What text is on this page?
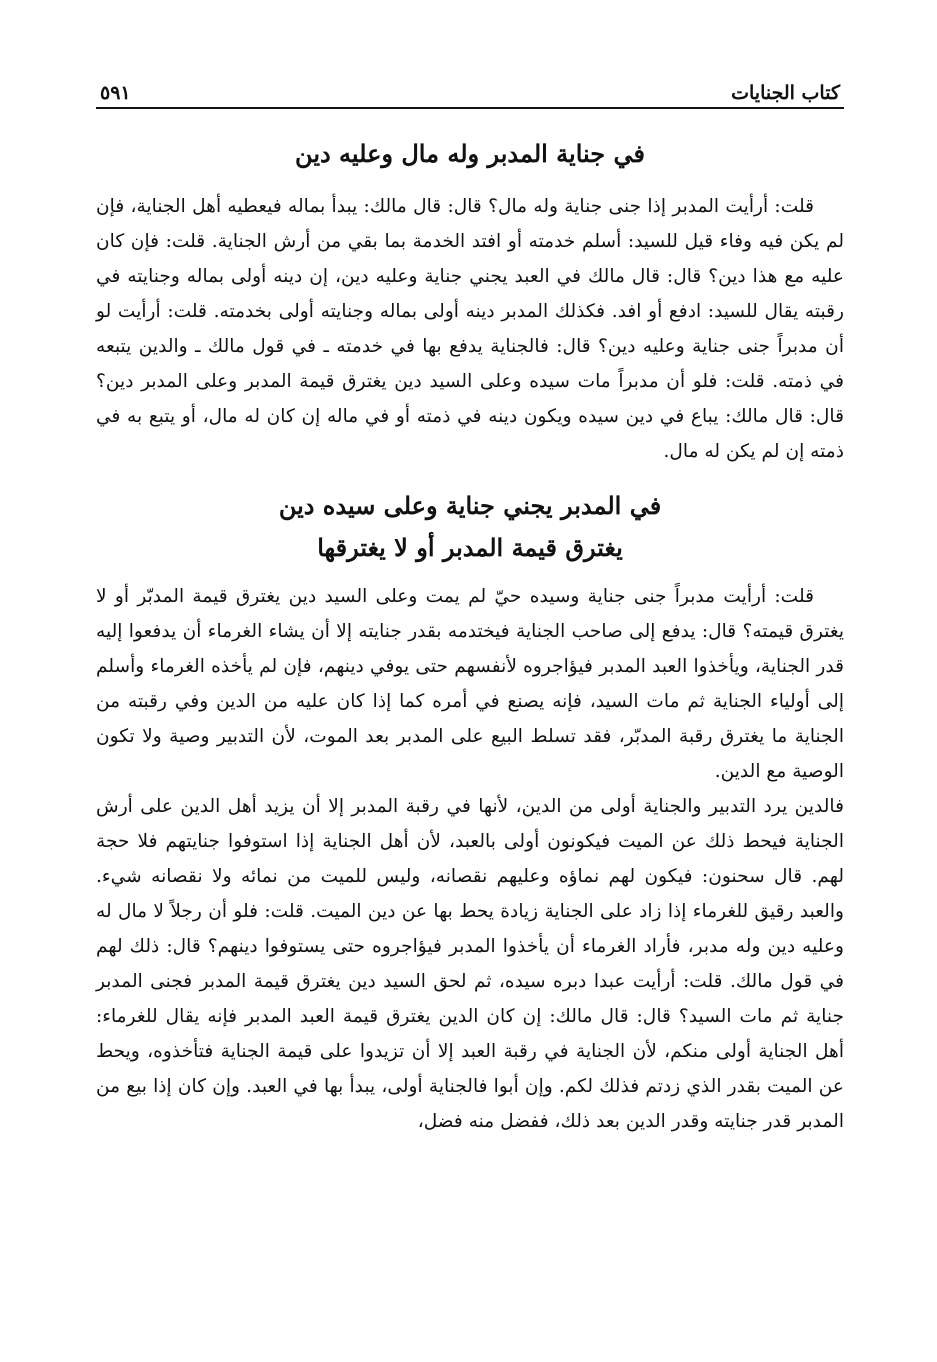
كتاب الجنايات
٥٩١
في جناية المدبر وله مال وعليه دين

قلت: أرأيت المدبر إذا جنى جناية وله مال؟ قال: قال مالك: يبدأ بماله فيعطيه أهل الجناية، فإن لم يكن فيه وفاء قيل للسيد: أسلم خدمته أو افتد الخدمة بما بقي من أرش الجناية. قلت: فإن كان عليه مع هذا دين؟ قال: قال مالك في العبد يجني جناية وعليه دين، إن دينه أولى بماله وجنايته في رقبته يقال للسيد: ادفع أو افد. فكذلك المدبر دينه أولى بماله وجنايته أولى بخدمته. قلت: أرأيت لو أن مدبراً جنى جناية وعليه دين؟ قال: فالجناية يدفع بها في خدمته ـ في قول مالك ـ والدين يتبعه في ذمته. قلت: فلو أن مدبراً مات سيده وعلى السيد دين يغترق قيمة المدبر وعلى المدبر دين؟ قال: قال مالك: يباع في دين سيده ويكون دينه في ذمته أو في ماله إن كان له مال، أو يتبع به في ذمته إن لم يكن له مال.

في المدبر يجني جناية وعلى سيده دين
يغترق قيمة المدبر أو لا يغترقها

قلت: أرأيت مدبراً جنى جناية وسيده حيّ لم يمت وعلى السيد دين يغترق قيمة المدبّر أو لا يغترق قيمته؟ قال: يدفع إلى صاحب الجناية فيختدمه بقدر جنايته إلا أن يشاء الغرماء أن يدفعوا إليه قدر الجناية، ويأخذوا العبد المدبر فيؤاجروه لأنفسهم حتى يوفي دينهم، فإن لم يأخذه الغرماء وأسلم إلى أولياء الجناية ثم مات السيد، فإنه يصنع في أمره كما إذا كان عليه من الدين وفي رقبته من الجناية ما يغترق رقبة المدبّر، فقد تسلط البيع على المدبر بعد الموت، لأن التدبير وصية ولا تكون الوصية مع الدين.

فالدين يرد التدبير والجناية أولى من الدين، لأنها في رقبة المدبر إلا أن يزيد أهل الدين على أرش الجناية فيحط ذلك عن الميت فيكونون أولى بالعبد، لأن أهل الجناية إذا استوفوا جنايتهم فلا حجة لهم. قال سحنون: فيكون لهم نماؤه وعليهم نقصانه، وليس للميت من نمائه ولا نقصانه شيء. والعبد رقيق للغرماء إذا زاد على الجناية زيادة يحط بها عن دين الميت. قلت: فلو أن رجلاً لا مال له وعليه دين وله مدبر، فأراد الغرماء أن يأخذوا المدبر فيؤاجروه حتى يستوفوا دينهم؟ قال: ذلك لهم في قول مالك. قلت: أرأيت عبدا دبره سيده، ثم لحق السيد دين يغترق قيمة المدبر فجنى المدبر جناية ثم مات السيد؟ قال: قال مالك: إن كان الدين يغترق قيمة العبد المدبر فإنه يقال للغرماء: أهل الجناية أولى منكم، لأن الجناية في رقبة العبد إلا أن تزيدوا على قيمة الجناية فتأخذوه، ويحط عن الميت بقدر الذي زدتم فذلك لكم. وإن أبوا فالجناية أولى، يبدأ بها في العبد. وإن كان إذا بيع من المدبر قدر جنايته وقدر الدين بعد ذلك، ففضل منه فضل،
